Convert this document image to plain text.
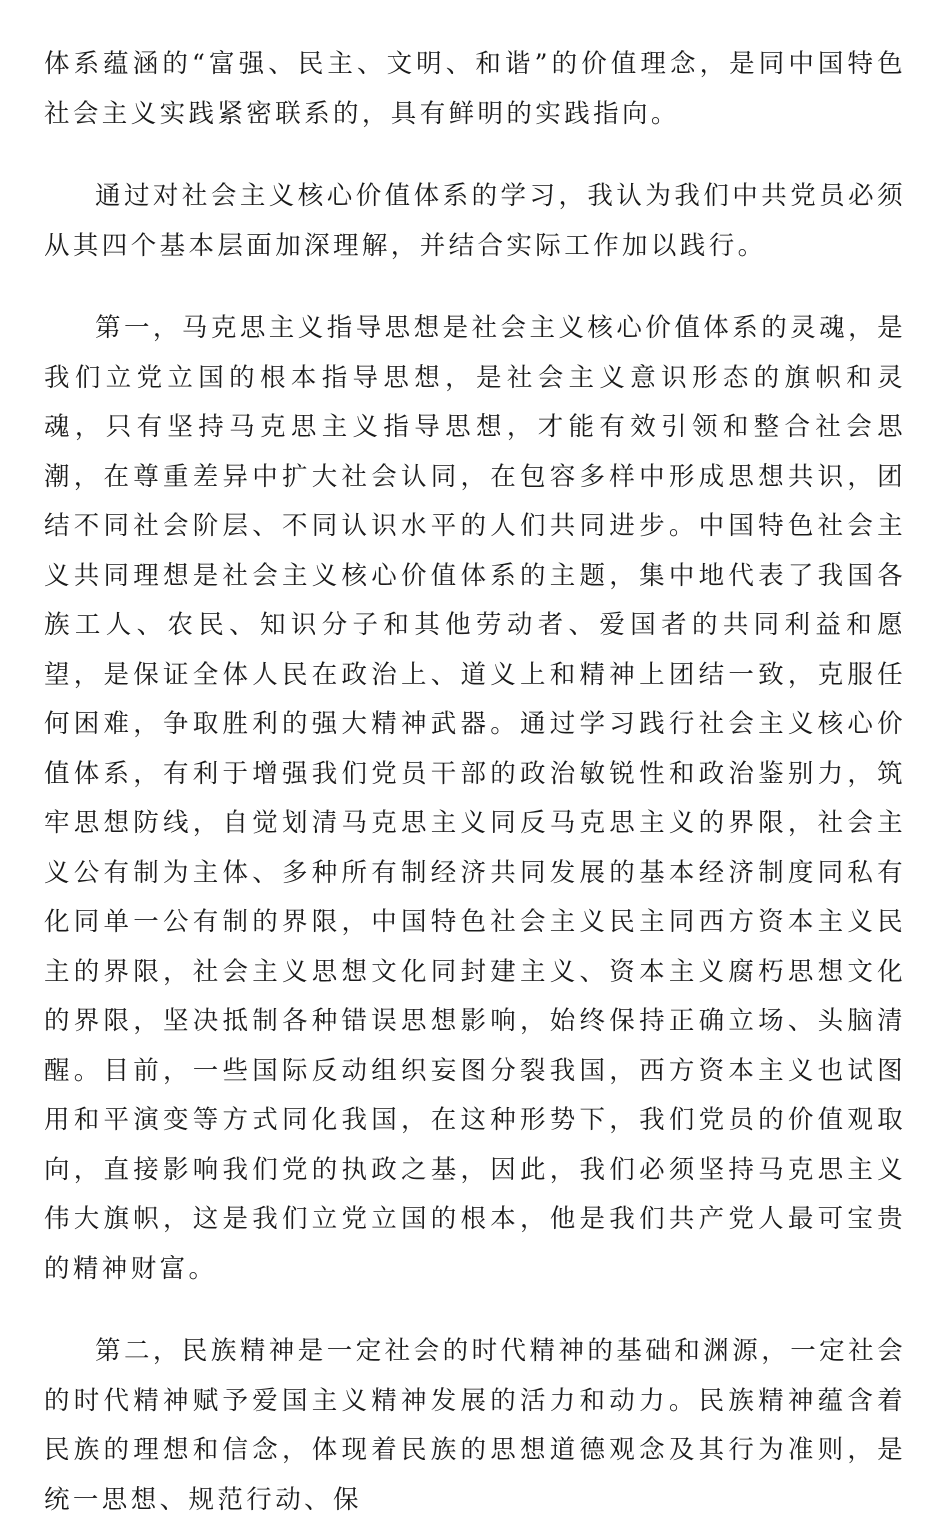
体系蕴涵的“富强、民主、文明、和谐”的价值理念，是同中国特色社会主义实践紧密联系的，具有鲜明的实践指向。

通过对社会主义核心价值体系的学习，我认为我们中共党员必须从其四个基本层面加深理解，并结合实际工作加以践行。

第一，马克思主义指导思想是社会主义核心价值体系的灵魂，是我们立党立国的根本指导思想，是社会主义意识形态的旗帜和灵魂，只有坚持马克思主义指导思想，才能有效引领和整合社会思潮，在尊重差异中扩大社会认同，在包容多样中形成思想共识，团结不同社会阶层、不同认识水平的人们共同进步。中国特色社会主义共同理想是社会主义核心价值体系的主题，集中地代表了我国各族工人、农民、知识分子和其他劳动者、爱国者的共同利益和愿望，是保证全体人民在政治上、道义上和精神上团结一致，克服任何困难，争取胜利的强大精神武器。通过学习践行社会主义核心价值体系，有利于增强我们党员干部的政治敏锐性和政治鉴别力，筑牢思想防线，自觉划清马克思主义同反马克思主义的界限，社会主义公有制为主体、多种所有制经济共同发展的基本经济制度同私有化同单一公有制的界限，中国特色社会主义民主同西方资本主义民主的界限，社会主义思想文化同封建主义、资本主义腐朽思想文化的界限，坚决抵制各种错误思想影响，始终保持正确立场、头脑清醒。目前，一些国际反动组织妄图分裂我国，西方资本主义也试图用和平演变等方式同化我国，在这种形势下，我们党员的价值观取向，直接影响我们党的执政之基，因此，我们必须坚持马克思主义伟大旗帜，这是我们立党立国的根本，他是我们共产党人最可宝贵的精神财富。

第二，民族精神是一定社会的时代精神的基础和渊源，一定社会的时代精神赋予爱国主义精神发展的活力和动力。民族精神蕴含着民族的理想和信念，体现着民族的思想道德观念及其行为准则，是统一思想、规范行动、保
